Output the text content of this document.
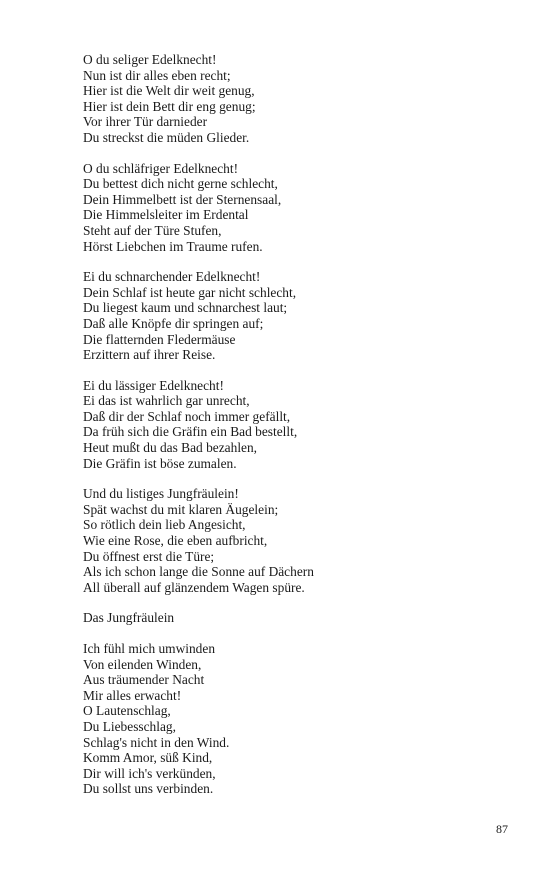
O du seliger Edelknecht!
Nun ist dir alles eben recht;
Hier ist die Welt dir weit genug,
Hier ist dein Bett dir eng genug;
Vor ihrer Tür darnieder
Du streckst die müden Glieder.
O du schläfriger Edelknecht!
Du bettest dich nicht gerne schlecht,
Dein Himmelbett ist der Sternensaal,
Die Himmelsleiter im Erdental
Steht auf der Türe Stufen,
Hörst Liebchen im Traume rufen.
Ei du schnarchender Edelknecht!
Dein Schlaf ist heute gar nicht schlecht,
Du liegest kaum und schnarchest laut;
Daß alle Knöpfe dir springen auf;
Die flatternden Fledermäuse
Erzittern auf ihrer Reise.
Ei du lässiger Edelknecht!
Ei das ist wahrlich gar unrecht,
Daß dir der Schlaf noch immer gefällt,
Da früh sich die Gräfin ein Bad bestellt,
Heut mußt du das Bad bezahlen,
Die Gräfin ist böse zumalen.
Und du listiges Jungfräulein!
Spät wachst du mit klaren Äugelein;
So rötlich dein lieb Angesicht,
Wie eine Rose, die eben aufbricht,
Du öffnest erst die Türe;
Als ich schon lange die Sonne auf Dächern
All überall auf glänzendem Wagen spüre.
Das Jungfräulein
Ich fühl mich umwinden
Von eilenden Winden,
Aus träumender Nacht
Mir alles erwacht!
O Lautenschlag,
Du Liebesschlag,
Schlag's nicht in den Wind.
Komm Amor, süß Kind,
Dir will ich's verkünden,
Du sollst uns verbinden.
87
